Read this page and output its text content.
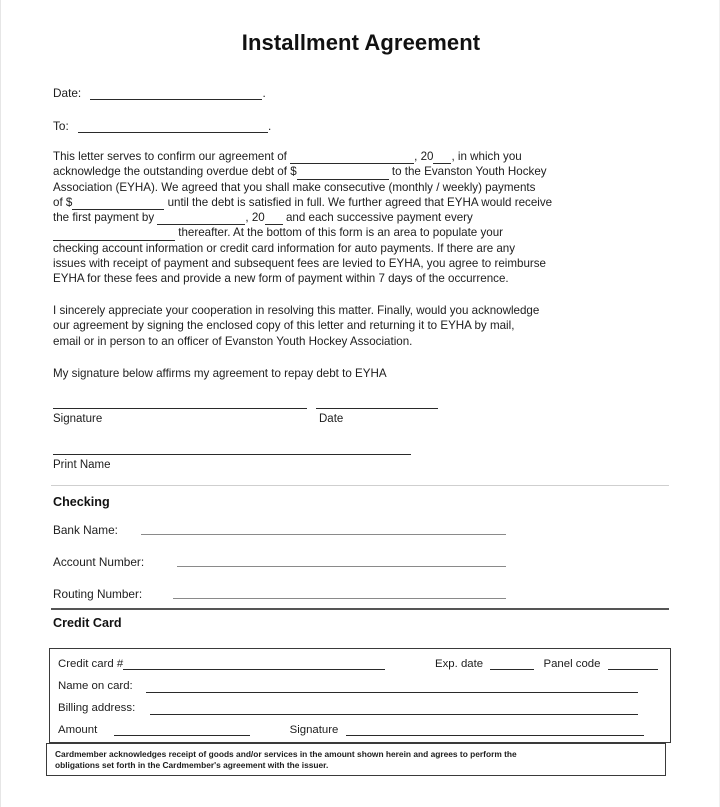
Installment Agreement
Date:	.
To:	.
This letter serves to confirm our agreement of	, 20 , in which you
acknowledge the outstanding overdue debt of $	to the Evanston Youth Hockey
Association (EYHA). We agreed that you shall make consecutive (monthly / weekly) payments
of $	until the debt is satisfied in full. We further agreed that EYHA would receive
the first payment by	, 20 and each successive payment every
thereafter. At the bottom of this form is an area to populate your
checking account information or credit card information for auto payments. If there are any
issues with receipt of payment and subsequent fees are levied to EYHA, you agree to reimburse
EYHA for these fees and provide a new form of payment within 7 days of the occurrence.
I sincerely appreciate your cooperation in resolving this matter. Finally, would you acknowledge
our agreement by signing the enclosed copy of this letter and returning it to EYHA by mail,
email or in person to an officer of Evanston Youth Hockey Association.
My signature below affirms my agreement to repay debt to EYHA
Signature	Date
Print Name
Checking
Bank Name:
Account Number:
Routing Number:
Credit Card
Credit card #	Exp. date	Panel code
Name on card:
Billing address:
Amount	Signature
Cardmember acknowledges receipt of goods and/or services in the amount shown herein and agrees to perform the
obligations set forth in the Cardmember's agreement with the issuer.
